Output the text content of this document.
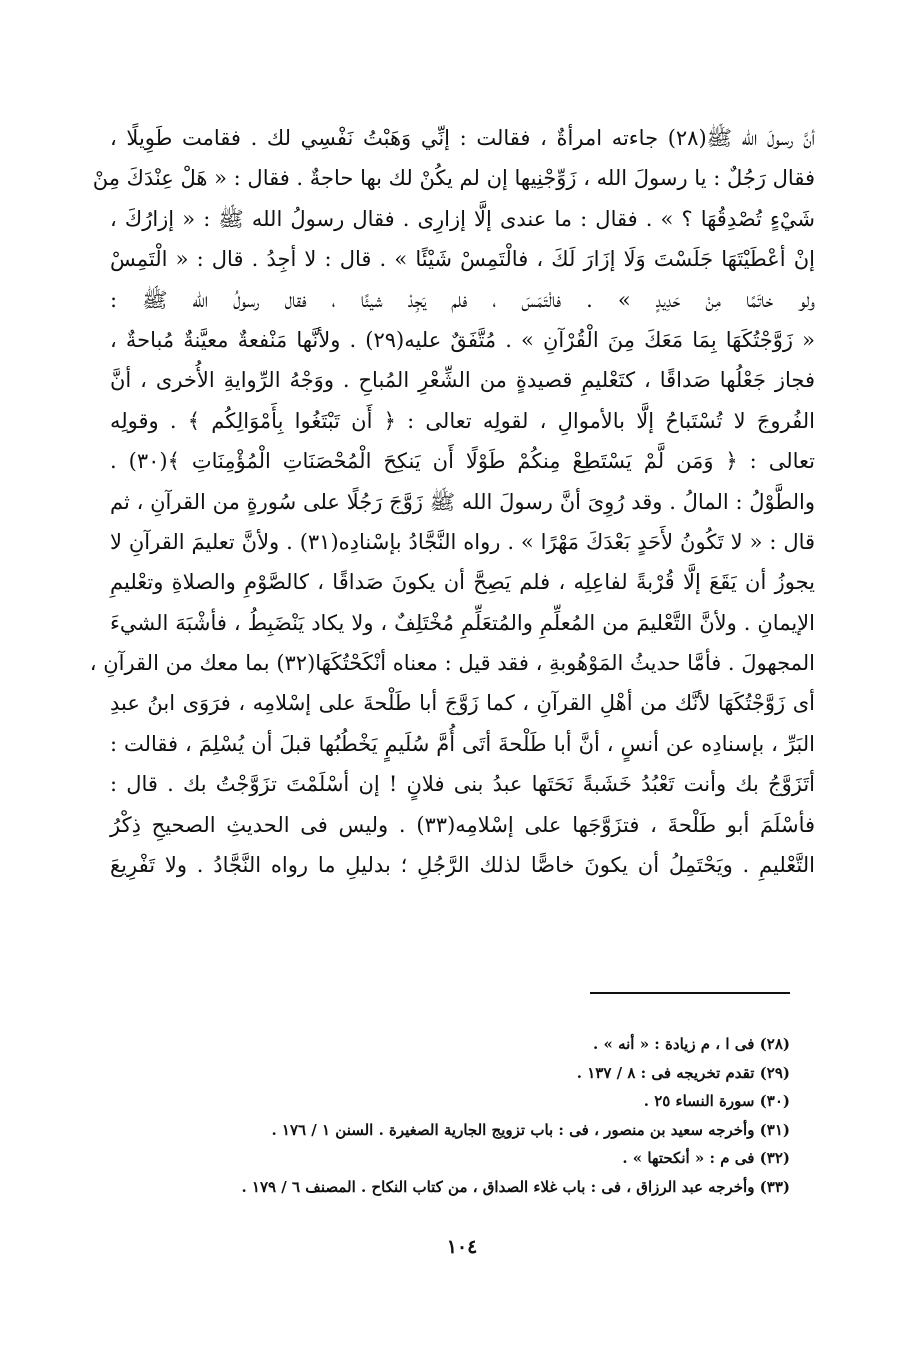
أنَّ رسولَ الله ﷺ(٢٨) جاءته امرأةٌ ، فقالت : إنِّي وَهَبْتُ نَفْسِي لك . فقامت طَوِيلًا ،
فقال رَجُلٌ : يا رسولَ الله ، زَوِّجْنِيها إن لم يكُنْ لك بها حاجةٌ . فقال : « هَلْ عِنْدَكَ مِنْ
شَيْءٍ تُصْدِقُهَا ؟ » . فقال : ما عندى إلَّا إزارِى . فقال رسولُ الله ﷺ : « إزارُكَ ،
إنْ أعْطَيْتَهَا جَلَسْتَ وَلَا إزَارَ لَكَ ، فالْتَمِسْ شَيْئًا » . قال : لا أجِدُ . قال : « الْتَمِسْ
ولو خاتَمًا مِنْ حَدِيدٍ » . فالْتَمَسَ ، فلم يَجِدْ شيئًا ، فقال رسولُ الله ﷺ :
« زَوَّجْتُكَهَا بِمَا مَعَكَ مِنَ الْقُرْآنِ » . مُتَّفَقٌ عليه(٢٩) . ولأنَّها مَنْفعةٌ معيَّنةٌ مُباحةٌ ،
فجاز جَعْلُها صَداقًا ، كتَعْليمِ قصيدةٍ من الشِّعْرِ المُباحِ . ووَجْهُ الرِّوايةِ الأُخرى ، أنَّ
الفُروجَ لا تُسْتَباحُ إلَّا بالأموالِ ، لقولِه تعالى : ﴿ أَن تَبْتَغُوا بِأَمْوَالِكُم ﴾ . وقولِه
تعالى : ﴿ وَمَن لَّمْ يَسْتَطِعْ مِنكُمْ طَوْلًا أَن يَنكِحَ الْمُحْصَنَاتِ الْمُؤْمِنَاتِ ﴾(٣٠) .
والطَّوْلُ : المالُ . وقد رُوِىَ أنَّ رسولَ الله ﷺ زَوَّجَ رَجُلًا على سُورةٍ من القرآنِ ، ثم
قال : « لا تَكُونُ لأَحَدٍ بَعْدَكَ مَهْرًا » . رواه النَّجَّادُ بإسْنادِه(٣١) . ولأنَّ تعليمَ القرآنِ لا
يجوزُ أن يَقَعَ إلَّا قُرْبةً لفاعِلِه ، فلم يَصِحَّ أن يكونَ صَداقًا ، كالصَّوْمِ والصلاةِ وتعْليمِ
الإيمانِ . ولأنَّ التَّعْليمَ من المُعلِّمِ والمُتعَلِّمِ مُخْتَلِفٌ ، ولا يكاد يَنْضَبِطُ ، فأشْبَهَ الشيءَ
المجهولَ . فأمَّا حديثُ المَوْهُوبةِ ، فقد قيل : معناه أنْكَحْتُكَهَا(٣٢) بما معك من القرآنِ ،
أى زَوَّجْتُكَهَا لأنَّك من أهْلِ القرآنِ ، كما زَوَّجَ أبا طَلْحةَ على إسْلامِه ، فرَوَى ابنُ عبدِ
البَرِّ ، بإسنادِه عن أنسٍ ، أنَّ أبا طَلْحةَ أتَى أُمَّ سُلَيمٍ يَخْطُبُها قبلَ أن يُسْلِمَ ، فقالت :
أتَزَوَّجُ بك وأنت تَعْبُدُ خَشَبةً نَحَتَها عبدُ بنى فلانٍ ! إن أسْلَمْتَ تزَوَّجْتُ بك . قال :
فأسْلَمَ أبو طَلْحةَ ، فتزَوَّجَها على إسْلامِه(٣٣) . وليس فى الحديثِ الصحيحِ ذِكْرُ
التَّعْليمِ . ويَحْتَمِلُ أن يكونَ خاصًّا لذلك الرَّجُلِ ؛ بدليلِ ما رواه النَّجَّادُ . ولا تَفْرِيعَ
(٢٨) فى ا ، م زيادة : « أنه » .
(٢٩) تقدم تخريجه فى : ٨ / ١٣٧ .
(٣٠) سورة النساء ٢٥ .
(٣١) وأخرجه سعيد بن منصور ، فى : باب تزويج الجارية الصغيرة . السنن ١ / ١٧٦ .
(٣٢) فى م : « أنكحتها » .
(٣٣) وأخرجه عبد الرزاق ، فى : باب غلاء الصداق ، من كتاب النكاح . المصنف ٦ / ١٧٩ .
١٠٤
